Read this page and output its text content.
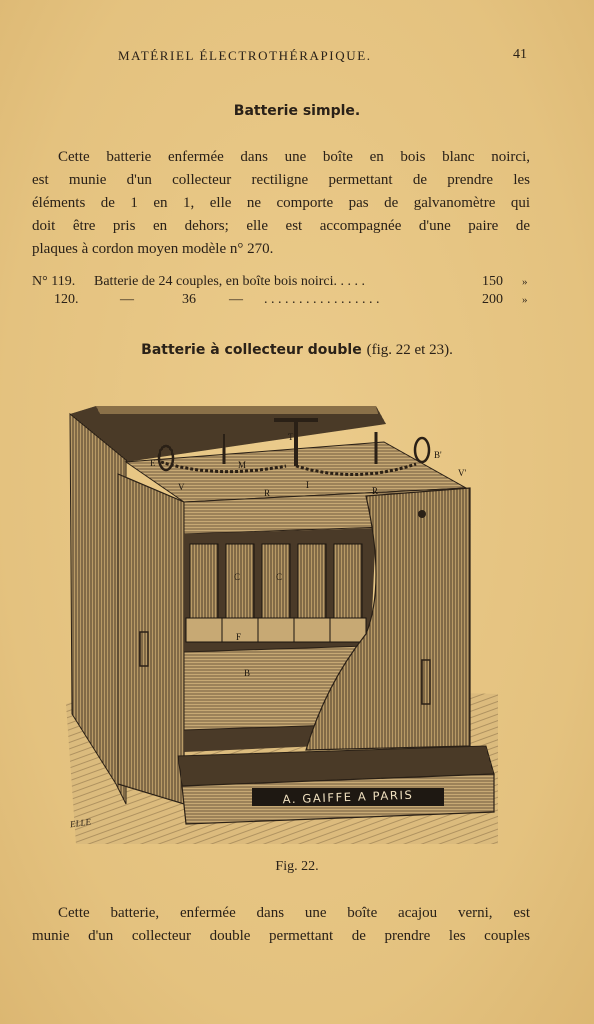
MATÉRIEL ÉLECTROTHÉRAPIQUE.	41
Batterie simple.
Cette batterie enfermée dans une boîte en bois blanc noirci,
est munie d'un collecteur rectiligne permettant de prendre les
éléments de 1 en 1, elle ne comporte pas de galvanomètre qui
doit être pris en dehors; elle est accompagnée d'une paire de
plaques à cordon moyen modèle n° 270.
N° 119. Batterie de 24 couples, en boîte bois noirci. . . . .	150 »
120.	—	36 — . . . . . . . . . . . . . . . . .	200 »
Batterie à collecteur double (fig. 22 et 23).
E	M
T
B'
V
R
I
R
V'
C	C
F
B
A. GAIFFE A PARIS
ELLE
Fig. 22.
Cette batterie, enfermée dans une boîte acajou verni, est
munie d'un collecteur double permettant de prendre les couples
